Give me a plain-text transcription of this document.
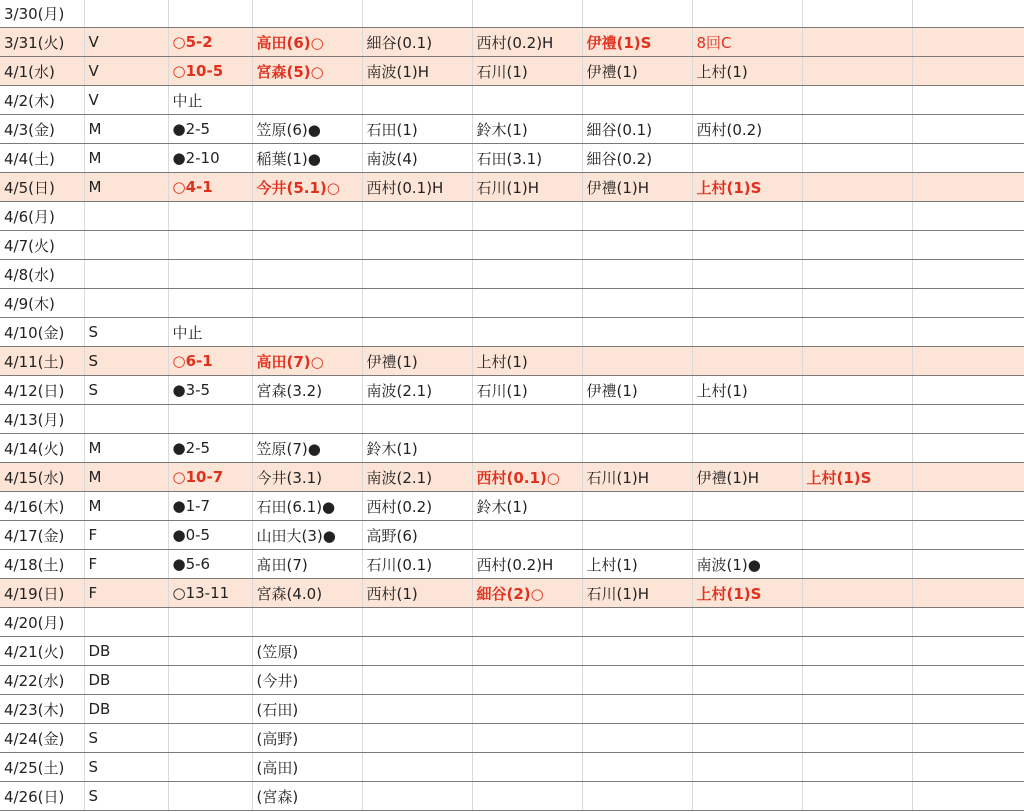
3/30(月)									
3/31(火)	V	○5-2	高田(6)○	細谷(0.1)	西村(0.2)H	伊禮(1)S	8回C		
4/1(水)	V	○10-5	宮森(5)○	南波(1)H	石川(1)	伊禮(1)	上村(1)		
4/2(木)	V	中止							
4/3(金)	M	●2-5	笠原(6)●	石田(1)	鈴木(1)	細谷(0.1)	西村(0.2)		
4/4(土)	M	●2-10	稲葉(1)●	南波(4)	石田(3.1)	細谷(0.2)			
4/5(日)	M	○4-1	今井(5.1)○	西村(0.1)H	石川(1)H	伊禮(1)H	上村(1)S		
4/6(月)									
4/7(火)									
4/8(水)									
4/9(木)									
4/10(金)	S	中止							
4/11(土)	S	○6-1	高田(7)○	伊禮(1)	上村(1)				
4/12(日)	S	●3-5	宮森(3.2)	南波(2.1)	石川(1)	伊禮(1)	上村(1)		
4/13(月)									
4/14(火)	M	●2-5	笠原(7)●	鈴木(1)					
4/15(水)	M	○10-7	今井(3.1)	南波(2.1)	西村(0.1)○	石川(1)H	伊禮(1)H	上村(1)S	
4/16(木)	M	●1-7	石田(6.1)●	西村(0.2)	鈴木(1)				
4/17(金)	F	●0-5	山田大(3)●	高野(6)					
4/18(土)	F	●5-6	髙田(7)	石川(0.1)	西村(0.2)H	上村(1)	南波(1)●		
4/19(日)	F	○13-11	宮森(4.0)	西村(1)	細谷(2)○	石川(1)H	上村(1)S		
4/20(月)									
4/21(火)	DB		(笠原)						
4/22(水)	DB		(今井)						
4/23(木)	DB		(石田)						
4/24(金)	S		(高野)						
4/25(土)	S		(高田)						
4/26(日)	S		(宮森)						
